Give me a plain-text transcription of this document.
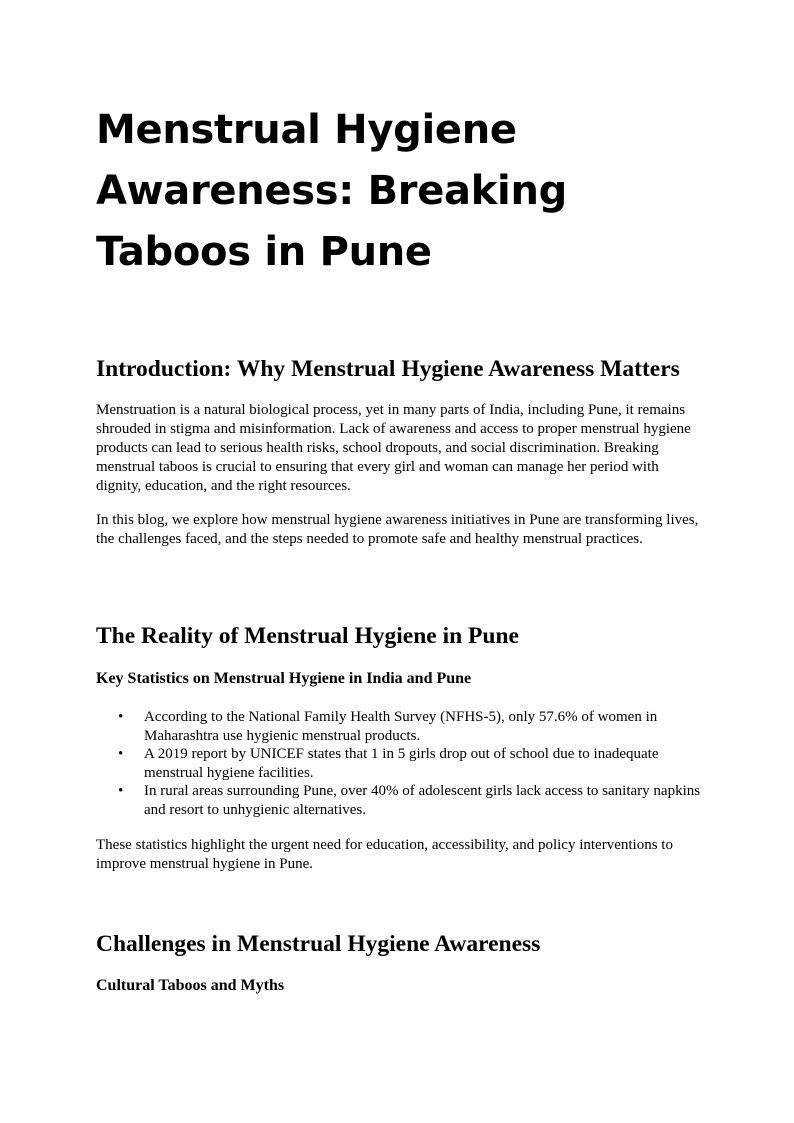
Menstrual Hygiene Awareness: Breaking Taboos in Pune
Introduction: Why Menstrual Hygiene Awareness Matters

Menstruation is a natural biological process, yet in many parts of India, including Pune, it remains shrouded in stigma and misinformation. Lack of awareness and access to proper menstrual hygiene products can lead to serious health risks, school dropouts, and social discrimination. Breaking menstrual taboos is crucial to ensuring that every girl and woman can manage her period with dignity, education, and the right resources.

In this blog, we explore how menstrual hygiene awareness initiatives in Pune are transforming lives, the challenges faced, and the steps needed to promote safe and healthy menstrual practices.

The Reality of Menstrual Hygiene in Pune
Key Statistics on Menstrual Hygiene in India and Pune
• According to the National Family Health Survey (NFHS-5), only 57.6% of women in Maharashtra use hygienic menstrual products.
• A 2019 report by UNICEF states that 1 in 5 girls drop out of school due to inadequate menstrual hygiene facilities.
• In rural areas surrounding Pune, over 40% of adolescent girls lack access to sanitary napkins and resort to unhygienic alternatives.

These statistics highlight the urgent need for education, accessibility, and policy interventions to improve menstrual hygiene in Pune.

Challenges in Menstrual Hygiene Awareness
Cultural Taboos and Myths
